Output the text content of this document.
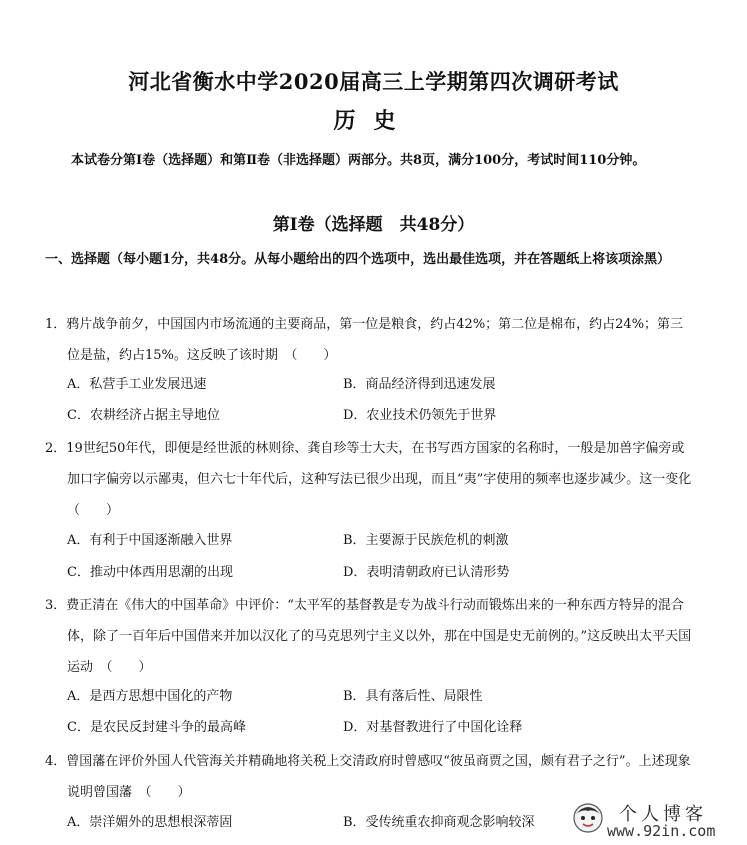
河北省衡水中学2020届高三上学期第四次调研考试
历史
本试卷分第Ⅰ卷（选择题）和第Ⅱ卷（非选择题）两部分。共8页，满分100分，考试时间110分钟。
第Ⅰ卷（选择题　共48分）
一、选择题（每小题1分，共48分。从每小题给出的四个选项中，选出最佳选项，并在答题纸上将该项涂黑）
1．鸦片战争前夕，中国国内市场流通的主要商品，第一位是粮食，约占42%；第二位是棉布，约占24%；第三位是盐，约占15%。这反映了该时期　（　　）
A．私营手工业发展迅速	B．商品经济得到迅速发展
C．农耕经济占据主导地位	D．农业技术仍领先于世界
2．19世纪50年代，即便是经世派的林则徐、龚自珍等士大夫，在书写西方国家的名称时，一般是加兽字偏旁或加口字偏旁以示鄙夷，但六七十年代后，这种写法已很少出现，而且“夷”字使用的频率也逐步减少。这一变化　（　　）
A．有利于中国逐渐融入世界	B．主要源于民族危机的刺激
C．推动中体西用思潮的出现	D．表明清朝政府已认清形势
3．费正清在《伟大的中国革命》中评价：“太平军的基督教是专为战斗行动而锻炼出来的一种东西方特异的混合体，除了一百年后中国借来并加以汉化了的马克思列宁主义以外，那在中国是史无前例的。”这反映出太平天国运动　（　　）
A．是西方思想中国化的产物	B．具有落后性、局限性
C．是农民反封建斗争的最高峰	D．对基督教进行了中国化诠释
4．曾国藩在评价外国人代管海关并精确地将关税上交清政府时曾感叹“彼虽商贾之国，颇有君子之行”。上述现象说明曾国藩　（　　）
A．崇洋媚外的思想根深蒂固	B．受传统重农抑商观念影响较深	个人博客
www.92in.com
